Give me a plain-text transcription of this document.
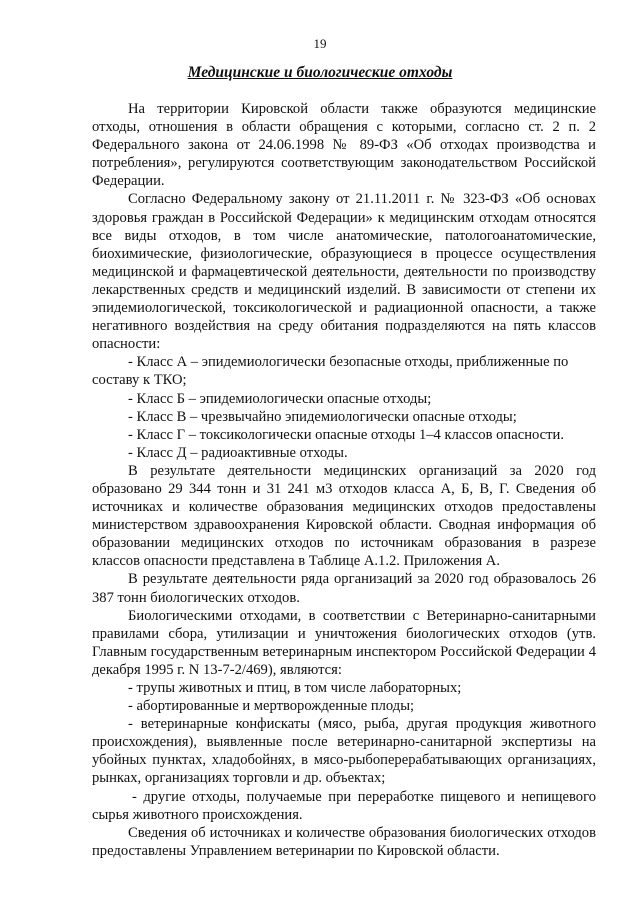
19
Медицинские и биологические отходы

На территории Кировской области также образуются медицинские отходы, отношения в области обращения с которыми, согласно ст. 2 п. 2 Федерального закона от 24.06.1998 № 89-ФЗ «Об отходах производства и потребления», регулируются соответствующим законодательством Российской Федерации.

Согласно Федеральному закону от 21.11.2011 г. № 323-ФЗ «Об основах здоровья граждан в Российской Федерации» к медицинским отходам относятся все виды отходов, в том числе анатомические, патологоанатомические, биохимические, физиологические, образующиеся в процессе осуществления медицинской и фармацевтической деятельности, деятельности по производству лекарственных средств и медицинский изделий. В зависимости от степени их эпидемиологической, токсикологической и радиационной опасности, а также негативного воздействия на среду обитания подразделяются на пять классов опасности:

- Класс А – эпидемиологически безопасные отходы, приближенные по составу к ТКО;

- Класс Б – эпидемиологически опасные отходы;

- Класс В – чрезвычайно эпидемиологически опасные отходы;

- Класс Г – токсикологически опасные отходы 1–4 классов опасности.

- Класс Д – радиоактивные отходы.

В результате деятельности медицинских организаций за 2020 год образовано 29 344 тонн и 31 241 м3 отходов класса А, Б, В, Г. Сведения об источниках и количестве образования медицинских отходов предоставлены министерством здравоохранения Кировской области. Сводная информация об образовании медицинских отходов по источникам образования в разрезе классов опасности представлена в Таблице А.1.2. Приложения А.

В результате деятельности ряда организаций за 2020 год образовалось 26 387 тонн биологических отходов.

Биологическими отходами, в соответствии с Ветеринарно-санитарными правилами сбора, утилизации и уничтожения биологических отходов (утв. Главным государственным ветеринарным инспектором Российской Федерации 4 декабря 1995 г. N 13-7-2/469), являются:

- трупы животных и птиц, в том числе лабораторных;

- абортированные и мертворожденные плоды;

- ветеринарные конфискаты (мясо, рыба, другая продукция животного происхождения), выявленные после ветеринарно-санитарной экспертизы на убойных пунктах, хладобойнях, в мясо-рыбоперерабатывающих организациях, рынках, организациях торговли и др. объектах;

- другие отходы, получаемые при переработке пищевого и непищевого сырья животного происхождения.

Сведения об источниках и количестве образования биологических отходов предоставлены Управлением ветеринарии по Кировской области.
